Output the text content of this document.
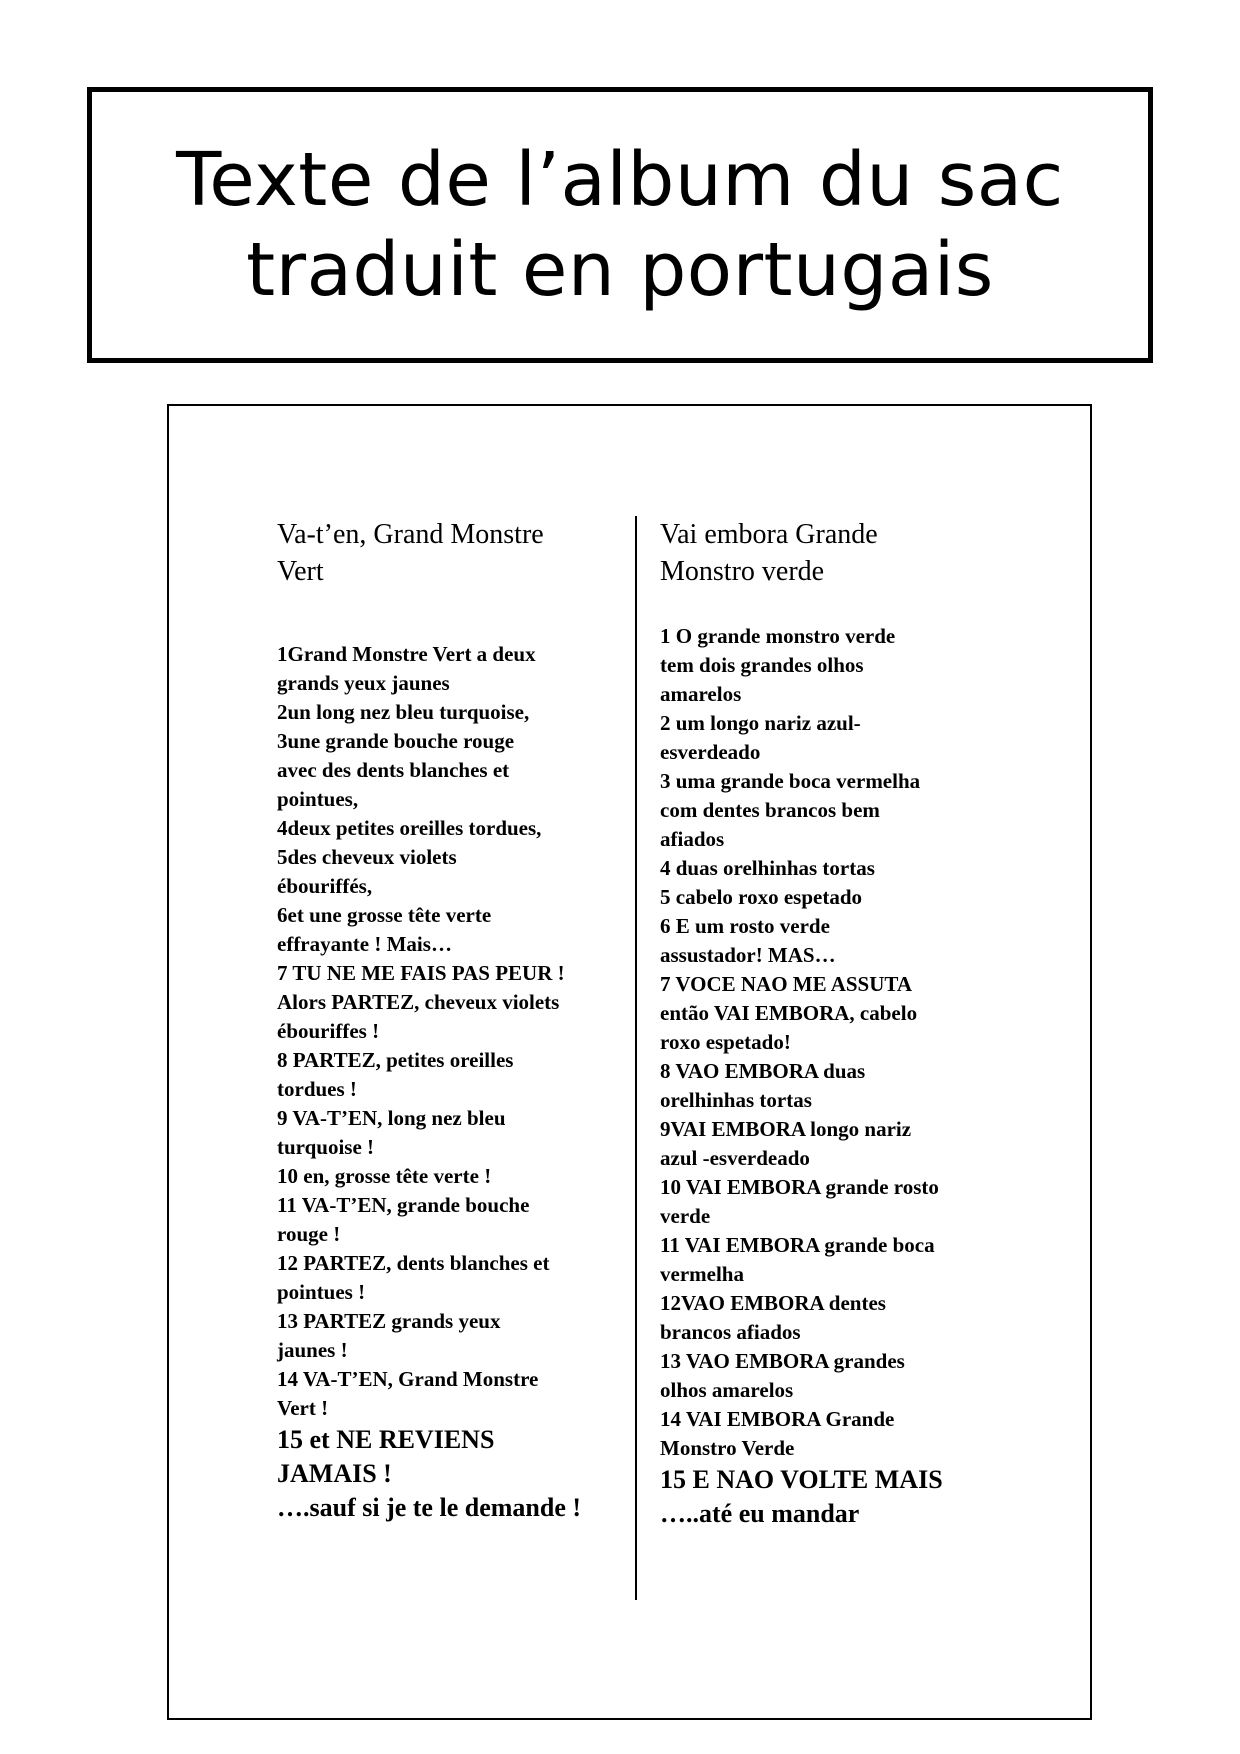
Texte de l’album du sac
traduit en portugais
Va-t’en, Grand Monstre
Vert
1Grand Monstre Vert a deux
grands yeux jaunes
2un long nez bleu turquoise,
3une grande bouche rouge
avec des dents blanches et
pointues,
4deux petites oreilles tordues,
5des cheveux violets
ébouriffés,
6et une grosse tête verte
effrayante ! Mais…
7 TU NE ME FAIS PAS PEUR !
Alors PARTEZ, cheveux violets
ébouriffes !
8 PARTEZ, petites oreilles
tordues !
9 VA-T’EN, long nez bleu
turquoise !
10 en, grosse tête verte !
11 VA-T’EN, grande bouche
rouge !
12 PARTEZ, dents blanches et
pointues !
13 PARTEZ grands yeux
jaunes !
14 VA-T’EN, Grand Monstre
Vert !
15 et NE REVIENS
JAMAIS !
….sauf si je te le demande !
Vai embora Grande
Monstro verde
1 O grande monstro verde
tem dois grandes olhos
amarelos
2 um longo nariz azul-
esverdeado
3 uma grande boca vermelha
com dentes brancos bem
afiados
4 duas orelhinhas tortas
5 cabelo roxo espetado
6 E um rosto verde
assustador! MAS…
7 VOCE NAO ME ASSUTA
então VAI EMBORA, cabelo
roxo espetado!
8 VAO EMBORA duas
orelhinhas tortas
9VAI EMBORA longo nariz
azul -esverdeado
10 VAI EMBORA grande rosto
verde
11 VAI EMBORA grande boca
vermelha
12VAO EMBORA dentes
brancos afiados
13 VAO EMBORA grandes
olhos amarelos
14 VAI EMBORA Grande
Monstro Verde
15 E NAO VOLTE MAIS
…..até eu mandar
